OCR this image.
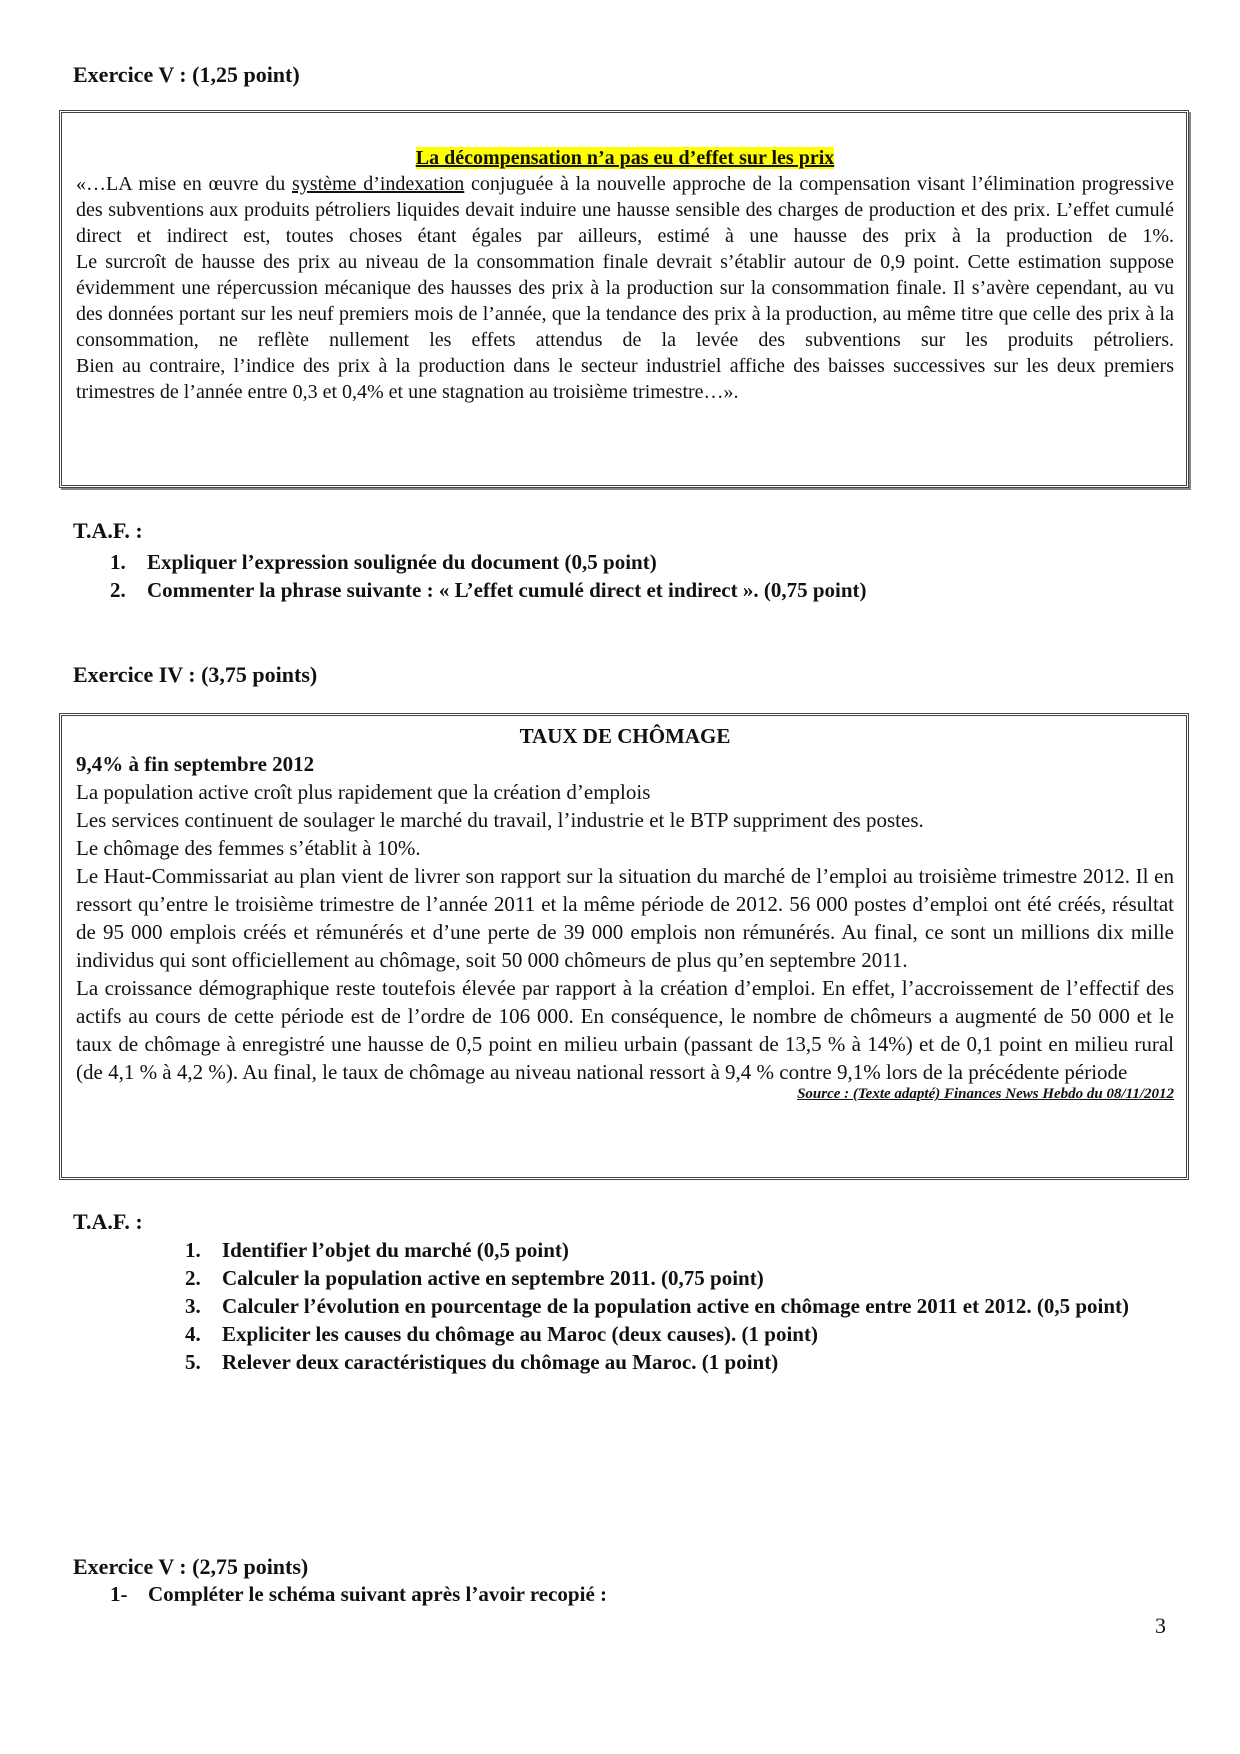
Exercice V : (1,25 point)
La décompensation n’a pas eu d’effet sur les prix

«…LA mise en œuvre du système d’indexation conjuguée à la nouvelle approche de la compensation visant l’élimination progressive des subventions aux produits pétroliers liquides devait induire une hausse sensible des charges de production et des prix. L’effet cumulé direct et indirect est, toutes choses étant égales par ailleurs, estimé à une hausse des prix à la production de 1%.

Le surcroît de hausse des prix au niveau de la consommation finale devrait s’établir autour de 0,9 point. Cette estimation suppose évidemment une répercussion mécanique des hausses des prix à la production sur la consommation finale. Il s’avère cependant, au vu des données portant sur les neuf premiers mois de l’année, que la tendance des prix à la production, au même titre que celle des prix à la consommation, ne reflète nullement les effets attendus de la levée des subventions sur les produits pétroliers.

Bien au contraire, l’indice des prix à la production dans le secteur industriel affiche des baisses successives sur les deux premiers trimestres de l’année entre 0,3 et 0,4% et une stagnation au troisième trimestre…».

T.A.F. :
1.	Expliquer l’expression soulignée du document (0,5 point)
2.	Commenter la phrase suivante : « L’effet cumulé direct et indirect ». (0,75 point)
Exercice IV : (3,75 points)
TAUX DE CHÔMAGE
9,4% à fin septembre 2012
La population active croît plus rapidement que la création d’emplois
Les services continuent de soulager le marché du travail, l’industrie et le BTP suppriment des postes.
Le chômage des femmes s’établit à 10%.

Le Haut-Commissariat au plan vient de livrer son rapport sur la situation du marché de l’emploi au troisième trimestre 2012. Il en ressort qu’entre le troisième trimestre de l’année 2011 et la même période de 2012. 56 000 postes d’emploi ont été créés, résultat de 95 000 emplois créés et rémunérés et d’une perte de 39 000 emplois non rémunérés. Au final, ce sont un millions dix mille individus qui sont officiellement au chômage, soit 50 000 chômeurs de plus qu’en septembre 2011.

La croissance démographique reste toutefois élevée par rapport à la création d’emploi. En effet, l’accroissement de l’effectif des actifs au cours de cette période est de l’ordre de 106 000. En conséquence, le nombre de chômeurs a augmenté de 50 000 et le taux de chômage à enregistré une hausse de 0,5 point en milieu urbain (passant de 13,5 % à 14%) et de 0,1 point en milieu rural (de 4,1 % à 4,2 %). Au final, le taux de chômage au niveau national ressort à 9,4 % contre 9,1% lors de la précédente période

Source : (Texte adapté) Finances News Hebdo du 08/11/2012
T.A.F. :
1.	Identifier l’objet du marché (0,5 point)
2.	Calculer la population active en septembre 2011. (0,75 point)
3.	Calculer l’évolution en pourcentage de la population active en chômage entre 2011 et 2012. (0,5 point)
4.	Expliciter les causes du chômage au Maroc (deux causes). (1 point)
5.	Relever deux caractéristiques du chômage au Maroc. (1 point)
Exercice V : (2,75 points)
1- Compléter le schéma suivant après l’avoir recopié :
3
